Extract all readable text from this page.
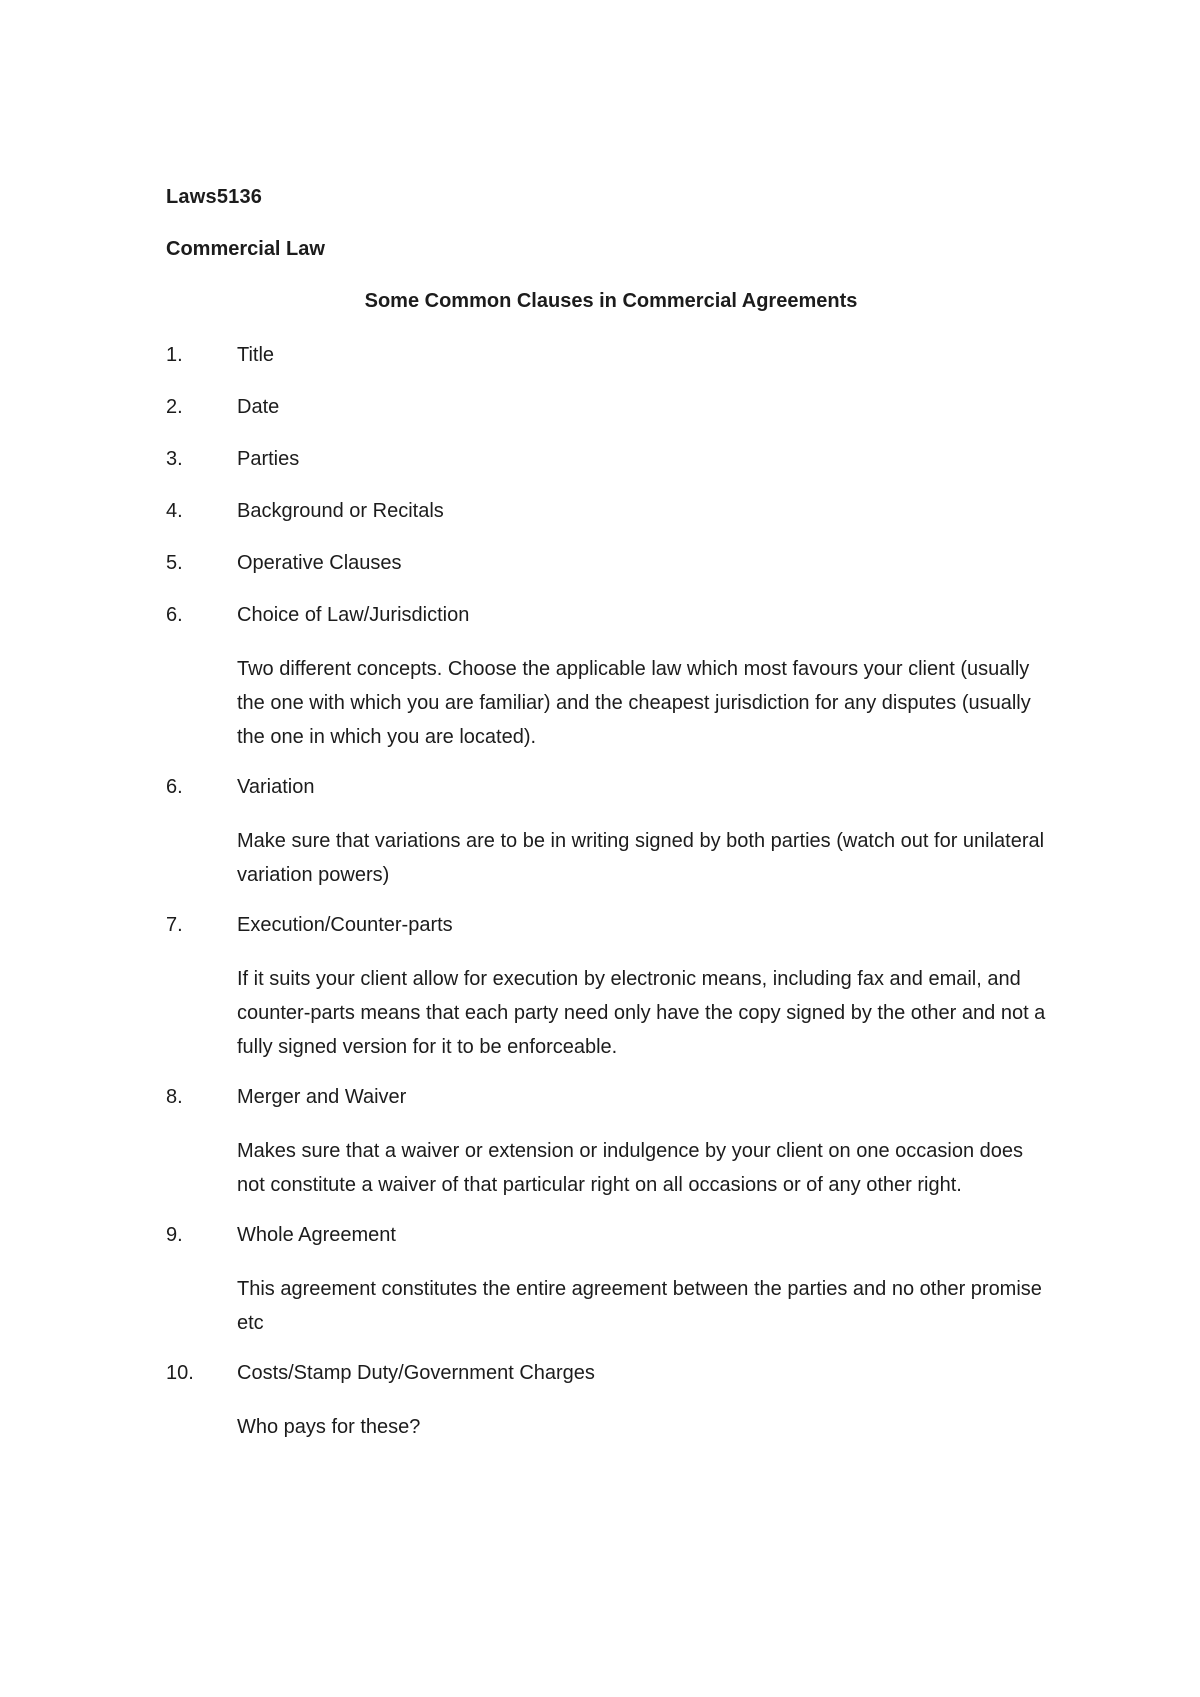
Laws5136
Commercial Law
Some Common Clauses in Commercial Agreements
1.	Title
2.	Date
3.	Parties
4.	Background or Recitals
5.	Operative Clauses
6.	Choice of Law/Jurisdiction

Two different concepts. Choose the applicable law which most favours your client (usually the one with which you are familiar) and the cheapest jurisdiction for any disputes (usually the one in which you are located).

6.	Variation

Make sure that variations are to be in writing signed by both parties (watch out for unilateral variation powers)

7.	Execution/Counter-parts

If it suits your client allow for execution by electronic means, including fax and email, and counter-parts means that each party need only have the copy signed by the other and not a fully signed version for it to be enforceable.

8.	Merger and Waiver

Makes sure that a waiver or extension or indulgence by your client on one occasion does not constitute a waiver of that particular right on all occasions or of any other right.

9.	Whole Agreement

This agreement constitutes the entire agreement between the parties and no other promise etc

10. Costs/Stamp Duty/Government Charges

Who pays for these?
